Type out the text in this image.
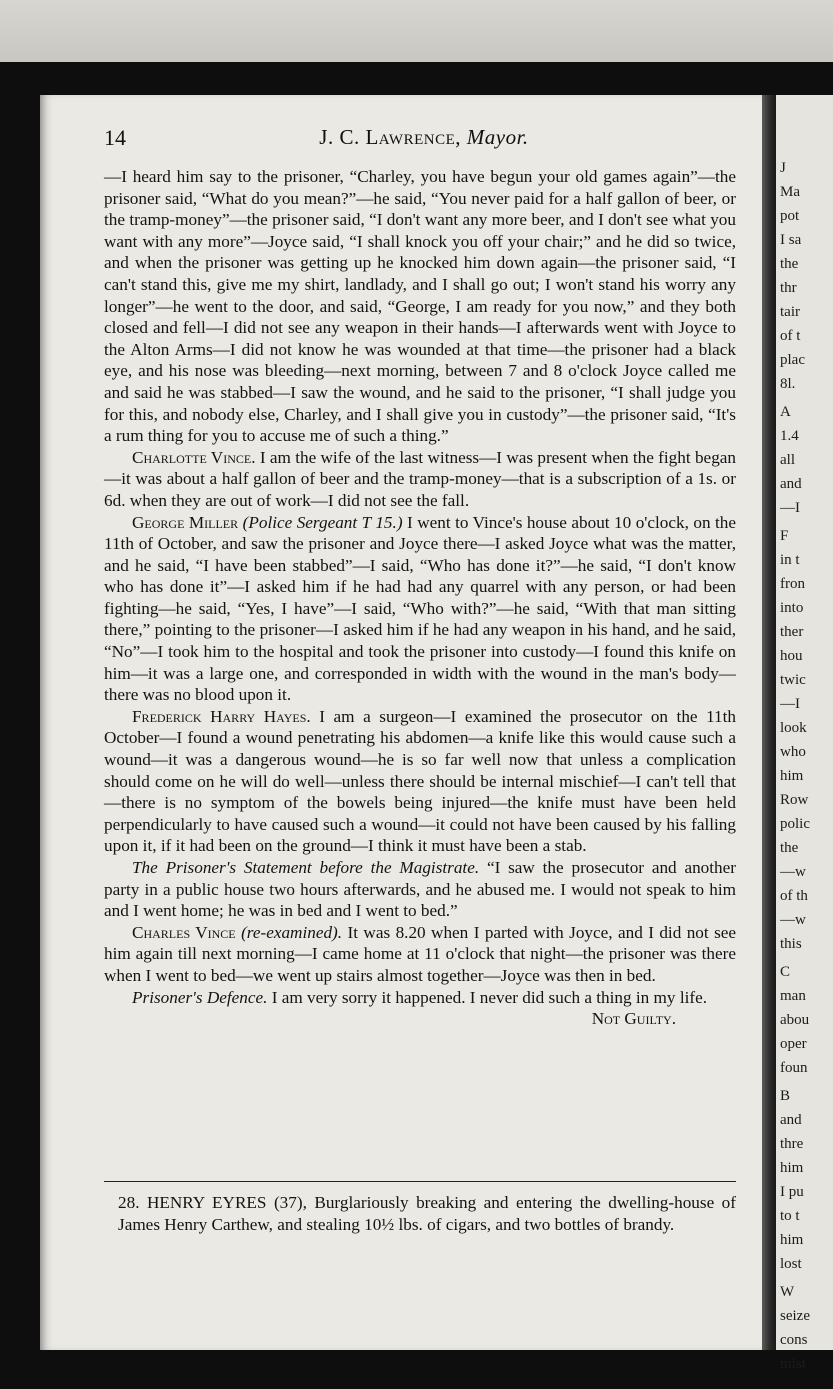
J
Ma
pot
I sa
the
thr
tair
of t
plac
8l.
A
1.4
all
and
—I
F
in t
fron
into
ther
hou
twic
—I
look
who
him
Row
polic
the
—w
of th
—w
this
C
man
abou
oper
foun
B
and
thre
him
I pu
to t
him
lost
W
seize
cons
mist
14	J. C. Lawrence, Mayor.

—I heard him say to the prisoner, “Charley, you have begun your old games again”—the prisoner said, “What do you mean?”—he said, “You never paid for a half gallon of beer, or the tramp-money”—the prisoner said, “I don't want any more beer, and I don't see what you want with any more”—Joyce said, “I shall knock you off your chair;” and he did so twice, and when the prisoner was getting up he knocked him down again—the prisoner said, “I can't stand this, give me my shirt, landlady, and I shall go out; I won't stand his worry any longer”—he went to the door, and said, “George, I am ready for you now,” and they both closed and fell—I did not see any weapon in their hands—I afterwards went with Joyce to the Alton Arms—I did not know he was wounded at that time—the prisoner had a black eye, and his nose was bleeding—next morning, between 7 and 8 o'clock Joyce called me and said he was stabbed—I saw the wound, and he said to the prisoner, “I shall judge you for this, and nobody else, Charley, and I shall give you in custody”—the prisoner said, “It's a rum thing for you to accuse me of such a thing.”

Charlotte Vince. I am the wife of the last witness—I was present when the fight began—it was about a half gallon of beer and the tramp-money—that is a subscription of a 1s. or 6d. when they are out of work—I did not see the fall.

George Miller (Police Sergeant T 15.) I went to Vince's house about 10 o'clock, on the 11th of October, and saw the prisoner and Joyce there—I asked Joyce what was the matter, and he said, “I have been stabbed”—I said, “Who has done it?”—he said, “I don't know who has done it”—I asked him if he had had any quarrel with any person, or had been fighting—he said, “Yes, I have”—I said, “Who with?”—he said, “With that man sitting there,” pointing to the prisoner—I asked him if he had any weapon in his hand, and he said, “No”—I took him to the hospital and took the prisoner into custody—I found this knife on him—it was a large one, and corresponded in width with the wound in the man's body—there was no blood upon it.

Frederick Harry Hayes. I am a surgeon—I examined the prosecutor on the 11th October—I found a wound penetrating his abdomen—a knife like this would cause such a wound—it was a dangerous wound—he is so far well now that unless a complication should come on he will do well—unless there should be internal mischief—I can't tell that—there is no symptom of the bowels being injured—the knife must have been held perpendicularly to have caused such a wound—it could not have been caused by his falling upon it, if it had been on the ground—I think it must have been a stab.

The Prisoner's Statement before the Magistrate. “I saw the prosecutor and another party in a public house two hours afterwards, and he abused me. I would not speak to him and I went home; he was in bed and I went to bed.”

Charles Vince (re-examined). It was 8.20 when I parted with Joyce, and I did not see him again till next morning—I came home at 11 o'clock that night—the prisoner was there when I went to bed—we went up stairs almost together—Joyce was then in bed.

Prisoner's Defence. I am very sorry it happened. I never did such a thing in my life.

Not Guilty.

28. HENRY EYRES (37), Burglariously breaking and entering the dwelling-house of James Henry Carthew, and stealing 10½ lbs. of cigars, and two bottles of brandy.
